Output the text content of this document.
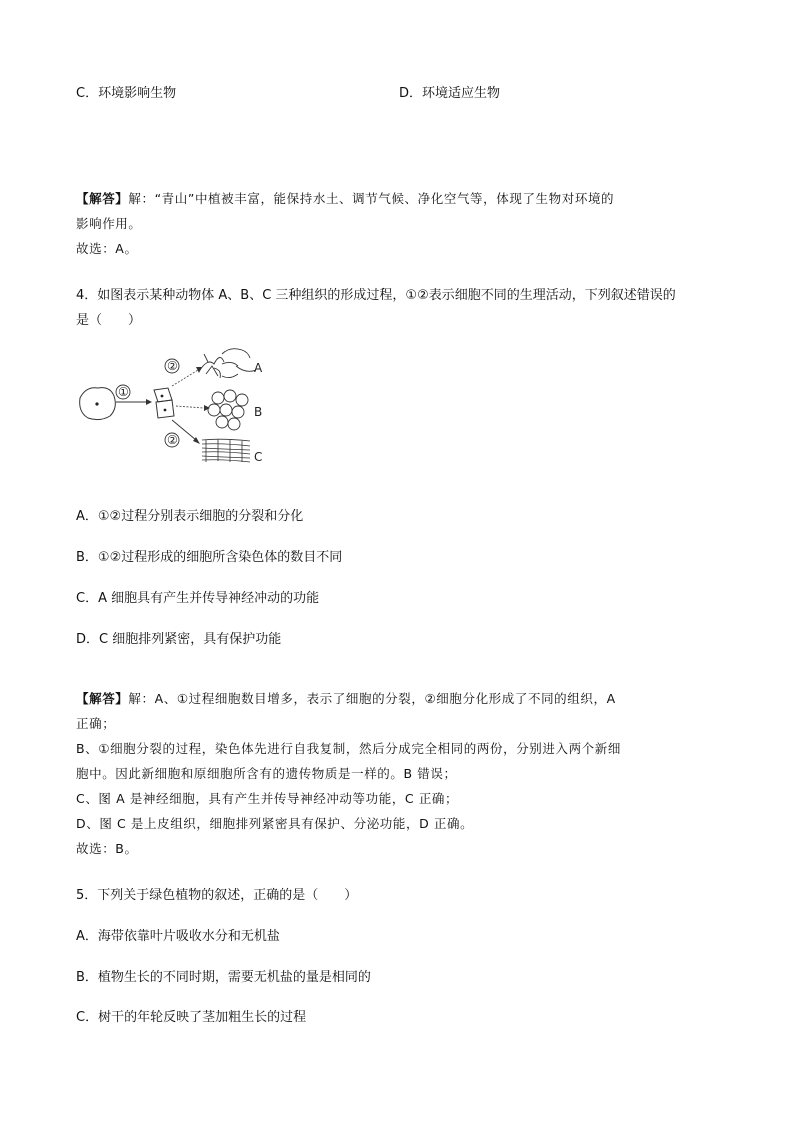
C．环境影响生物	D．环境适应生物
【解答】解：“青山”中植被丰富，能保持水土、调节气候、净化空气等，体现了生物对环境的
影响作用。
故选：A。
4．如图表示某种动物体 A、B、C 三种组织的形成过程，①②表示细胞不同的生理活动，下列叙述错误的
是（　　）
①
②	A
B
②
C
A．①②过程分别表示细胞的分裂和分化
B．①②过程形成的细胞所含染色体的数目不同
C．A 细胞具有产生并传导神经冲动的功能
D．C 细胞排列紧密，具有保护功能
【解答】解：A、①过程细胞数目增多，表示了细胞的分裂，②细胞分化形成了不同的组织，A
正确；
B、①细胞分裂的过程，染色体先进行自我复制，然后分成完全相同的两份，分别进入两个新细
胞中。因此新细胞和原细胞所含有的遗传物质是一样的。B 错误；
C、图 A 是神经细胞，具有产生并传导神经冲动等功能，C 正确；
D、图 C 是上皮组织，细胞排列紧密具有保护、分泌功能，D 正确。
故选：B。
5．下列关于绿色植物的叙述，正确的是（　　）
A．海带依靠叶片吸收水分和无机盐
B．植物生长的不同时期，需要无机盐的量是相同的
C．树干的年轮反映了茎加粗生长的过程
